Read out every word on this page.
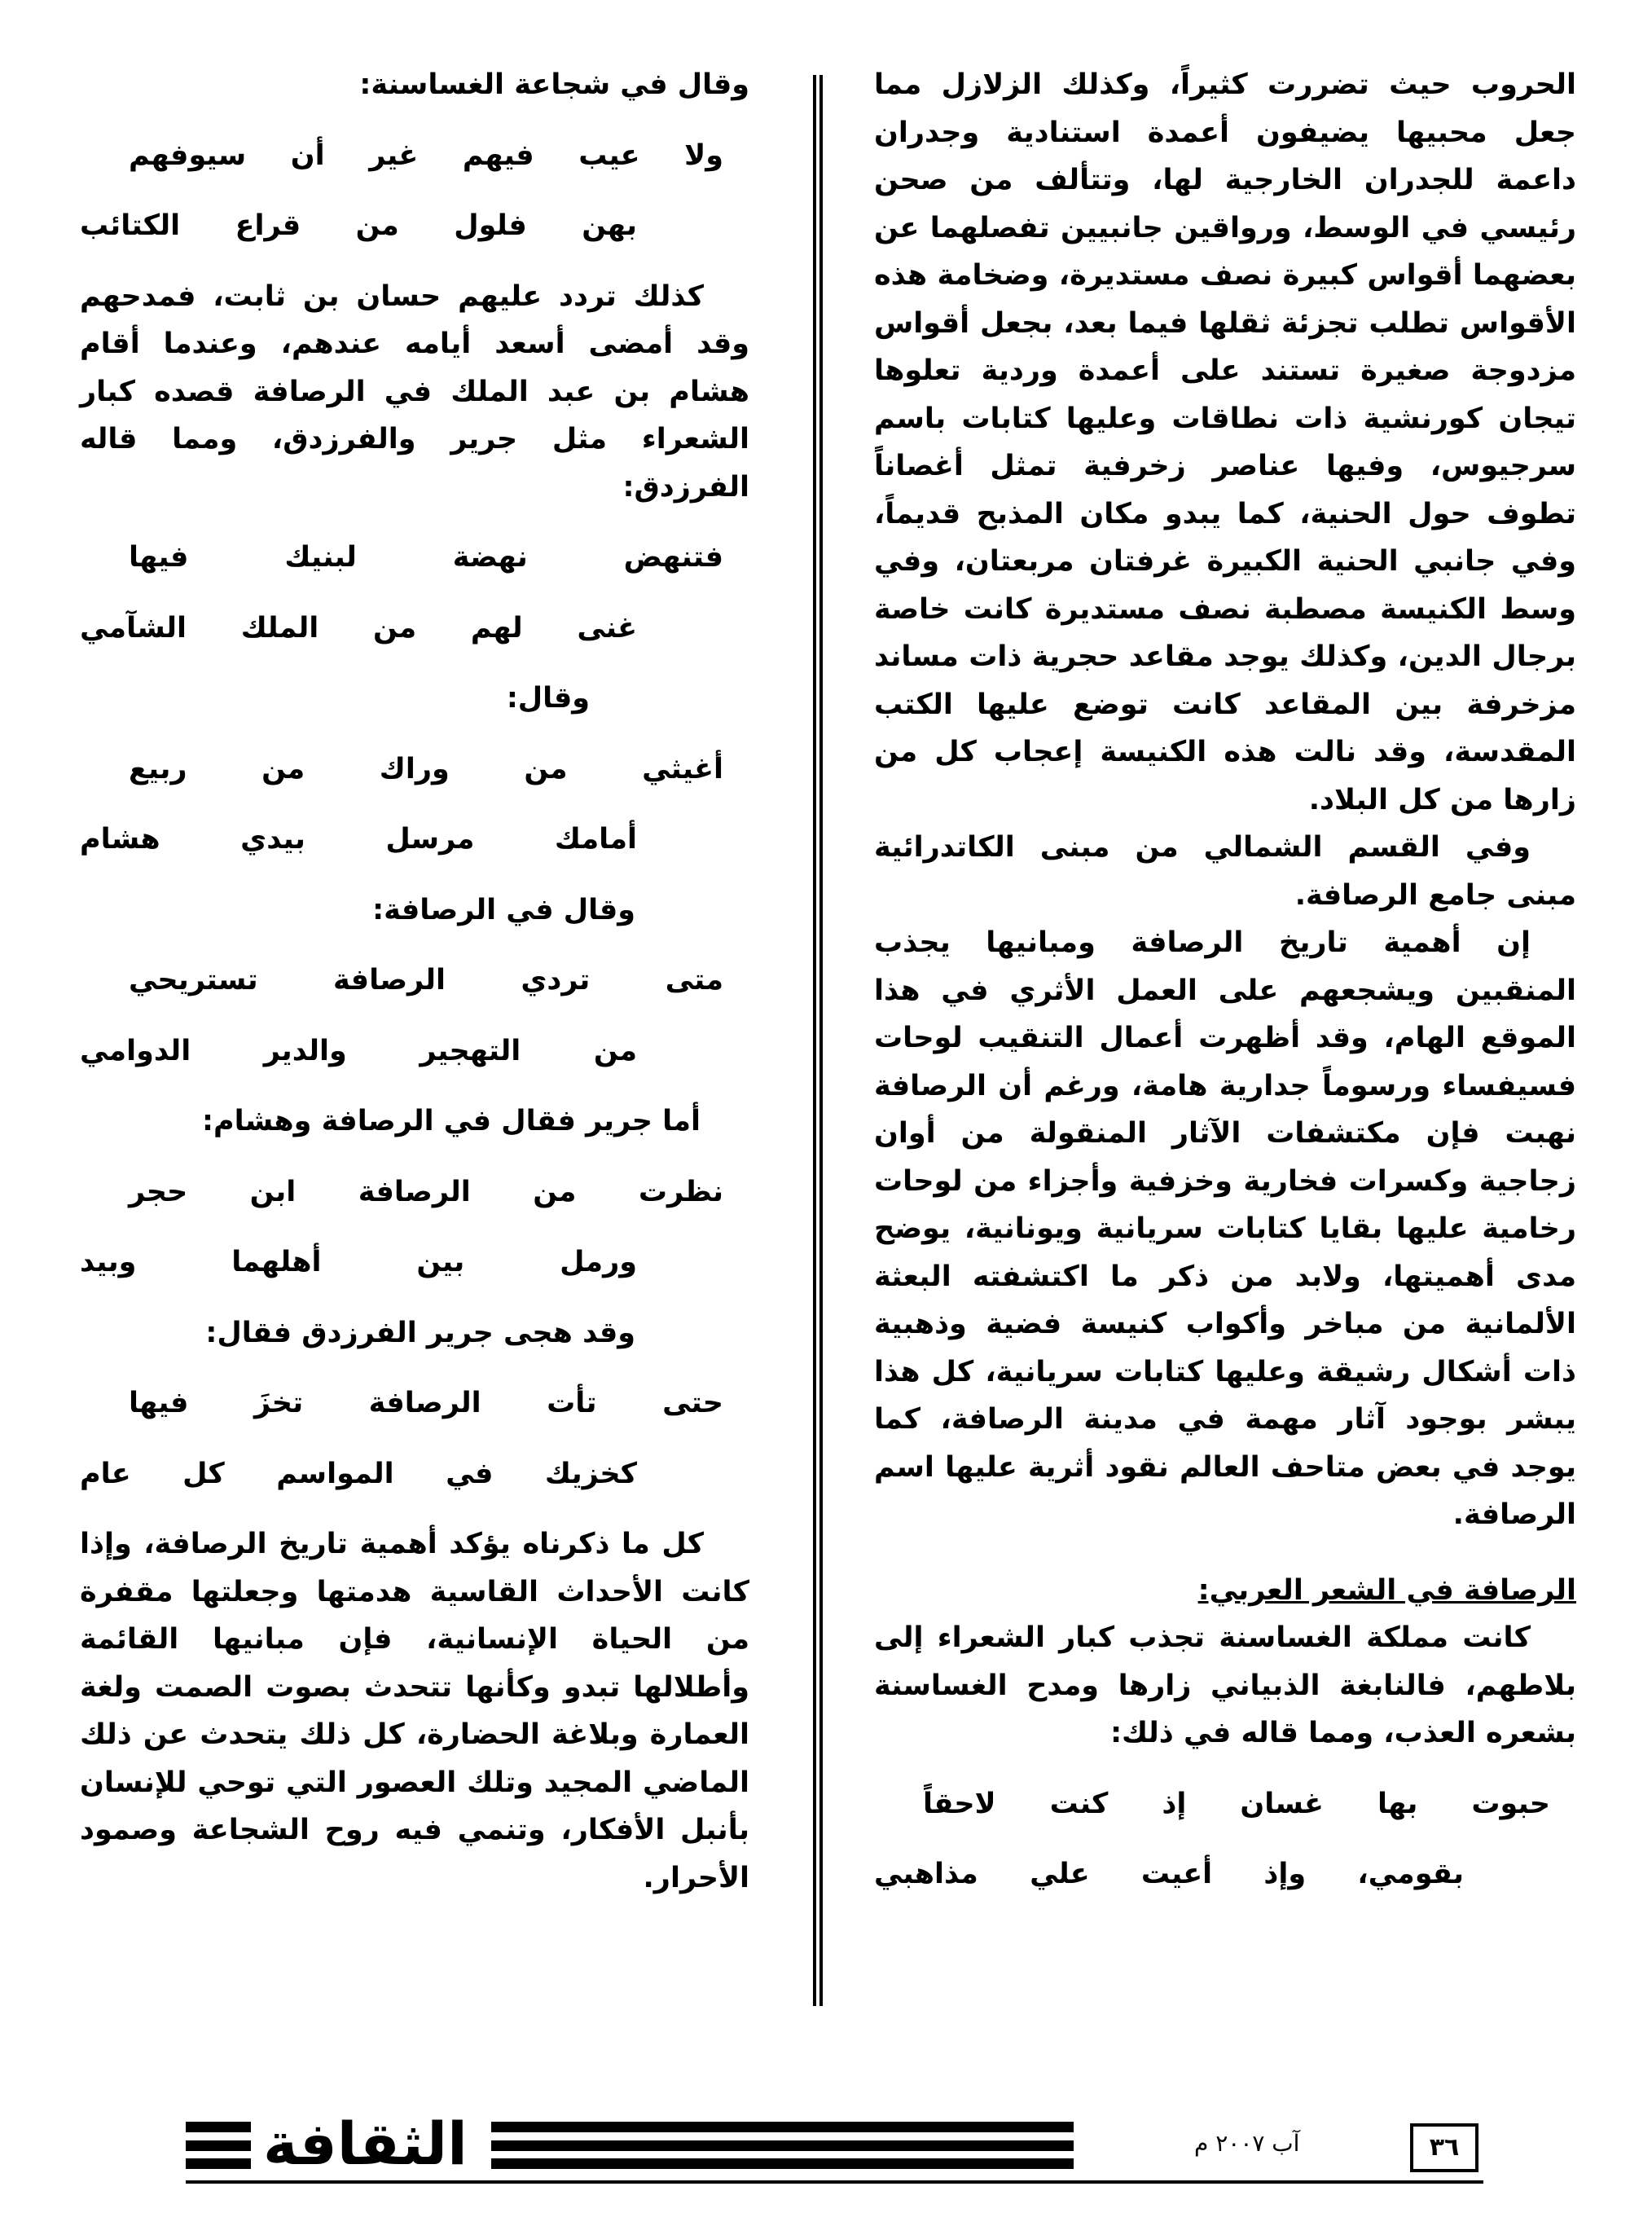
الحروب حيث تضررت كثيراً، وكذلك الزلازل مما جعل محبيها يضيفون أعمدة استنادية وجدران داعمة للجدران الخارجية لها، وتتألف من صحن رئيسي في الوسط، ورواقين جانبيين تفصلهما عن بعضهما أقواس كبيرة نصف مستديرة، وضخامة هذه الأقواس تطلب تجزئة ثقلها فيما بعد، بجعل أقواس مزدوجة صغيرة تستند على أعمدة وردية تعلوها تيجان كورنشية ذات نطاقات وعليها كتابات باسم سرجيوس، وفيها عناصر زخرفية تمثل أغصاناً تطوف حول الحنية، كما يبدو مكان المذبح قديماً، وفي جانبي الحنية الكبيرة غرفتان مربعتان، وفي وسط الكنيسة مصطبة نصف مستديرة كانت خاصة برجال الدين، وكذلك يوجد مقاعد حجرية ذات مساند مزخرفة بين المقاعد كانت توضع عليها الكتب المقدسة، وقد نالت هذه الكنيسة إعجاب كل من زارها من كل البلاد.

وفي القسم الشمالي من مبنى الكاتدرائية مبنى جامع الرصافة.

إن أهمية تاريخ الرصافة ومبانيها يجذب المنقبين ويشجعهم على العمل الأثري في هذا الموقع الهام، وقد أظهرت أعمال التنقيب لوحات فسيفساء ورسوماً جدارية هامة، ورغم أن الرصافة نهبت فإن مكتشفات الآثار المنقولة من أوان زجاجية وكسرات فخارية وخزفية وأجزاء من لوحات رخامية عليها بقايا كتابات سريانية ويونانية، يوضح مدى أهميتها، ولابد من ذكر ما اكتشفته البعثة الألمانية من مباخر وأكواب كنيسة فضية وذهبية ذات أشكال رشيقة وعليها كتابات سريانية، كل هذا يبشر بوجود آثار مهمة في مدينة الرصافة، كما يوجد في بعض متاحف العالم نقود أثرية عليها اسم الرصافة.

الرصافة في الشعر العربي:

كانت مملكة الغساسنة تجذب كبار الشعراء إلى بلاطهم، فالنابغة الذبياني زارها ومدح الغساسنة بشعره العذب، ومما قاله في ذلك:

حبوت بها غسان إذ كنت لاحقاً

بقومي، وإذ أعيت علي مذاهبي

وقال في شجاعة الغساسنة:

ولا عيب فيهم غير أن سيوفهم

بهن فلول من قراع الكتائب

كذلك تردد عليهم حسان بن ثابت، فمدحهم وقد أمضى أسعد أيامه عندهم، وعندما أقام هشام بن عبد الملك في الرصافة قصده كبار الشعراء مثل جرير والفرزدق، ومما قاله الفرزدق:

فتنهض نهضة لبنيك فيها

غنى لهم من الملك الشآمي

وقال:

أغيثي من وراك من ربيع

أمامك مرسل بيدي هشام

وقال في الرصافة:

متى تردي الرصافة تستريحي

من التهجير والدير الدوامي

أما جرير فقال في الرصافة وهشام:

نظرت من الرصافة ابن حجر

ورمل بين أهلهما وبيد

وقد هجى جرير الفرزدق فقال:

حتى تأت الرصافة تخزَ فيها

كخزيك في المواسم كل عام

كل ما ذكرناه يؤكد أهمية تاريخ الرصافة، وإذا كانت الأحداث القاسية هدمتها وجعلتها مقفرة من الحياة الإنسانية، فإن مبانيها القائمة وأطلالها تبدو وكأنها تتحدث بصوت الصمت ولغة العمارة وبلاغة الحضارة، كل ذلك يتحدث عن ذلك الماضي المجيد وتلك العصور التي توحي للإنسان بأنبل الأفكار، وتنمي فيه روح الشجاعة وصمود الأحرار.

الثقافة	آب ٢٠٠٧ م	٣٦
